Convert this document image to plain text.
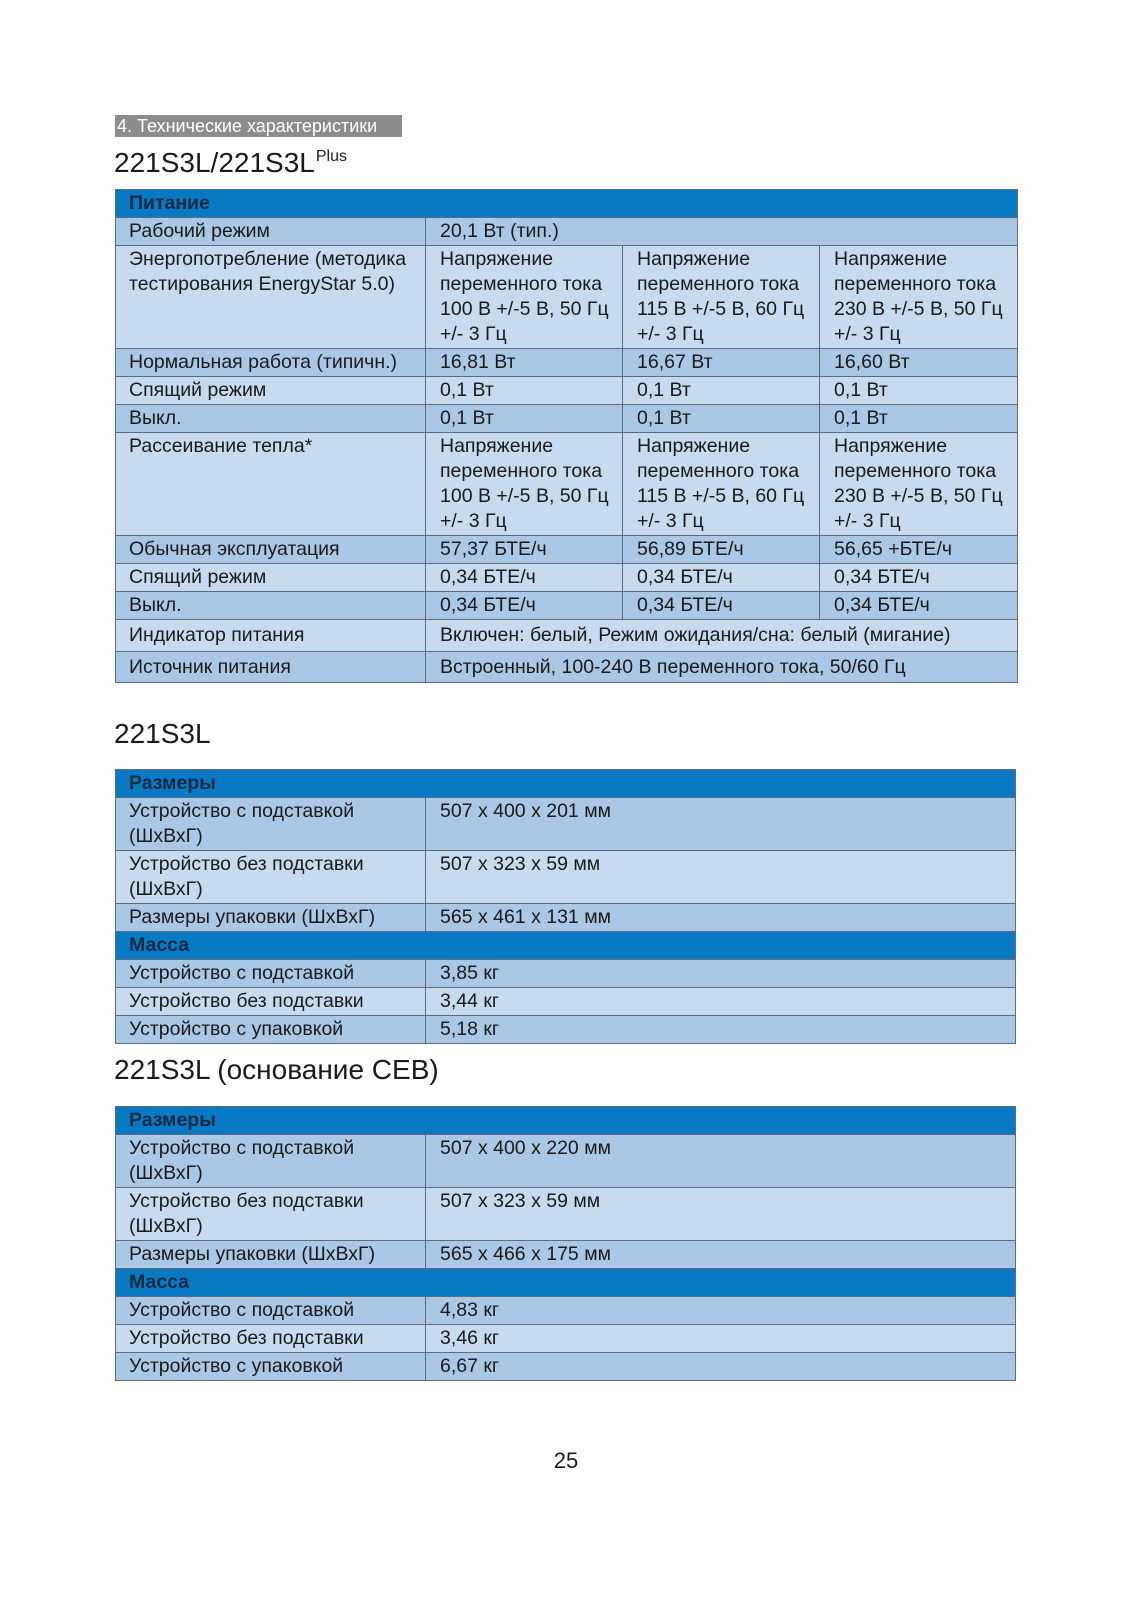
4. Технические характеристики
$221S3L/221S3L^{Plus}$
Питание			
Рабочий режим	20,1 Вт (тип.)		
Энергопотребление (методика тестирования EnergyStar 5.0)	Напряжение переменного тока 100 В +/-5 В, 50 Гц +/- 3 Гц	Напряжение переменного тока 115 В +/-5 В, 60 Гц +/- 3 Гц	Напряжение переменного тока 230 В +/-5 В, 50 Гц +/- 3 Гц
Нормальная работа (типичн.)	16,81 Вт	16,67 Вт	16,60 Вт
Спящий режим	0,1 Вт	0,1 Вт	0,1 Вт
Выкл.	0,1 Вт	0,1 Вт	0,1 Вт
Рассеивание тепла*	Напряжение переменного тока 100 В +/-5 В, 50 Гц +/- 3 Гц	Напряжение переменного тока 115 В +/-5 В, 60 Гц +/- 3 Гц	Напряжение переменного тока 230 В +/-5 В, 50 Гц +/- 3 Гц
Обычная эксплуатация	57,37 БТЕ/ч	56,89 БТЕ/ч	56,65 +БТЕ/ч
Спящий режим	0,34 БТЕ/ч	0,34 БТЕ/ч	0,34 БТЕ/ч
Выкл.	0,34 БТЕ/ч	0,34 БТЕ/ч	0,34 БТЕ/ч
Индикатор питания	Включен: белый, Режим ожидания/сна: белый (мигание)		
Источник питания	Встроенный, 100-240 В переменного тока, 50/60 Гц		
221S3L
Размеры	
Устройство с подставкой (ШхВхГ)	507 x 400 x 201 мм
Устройство без подставки (ШхВхГ)	507 x 323 x 59 мм
Размеры упаковки (ШхВхГ)	565 x 461 x 131 мм
Масса	
Устройство с подставкой	3,85 кг
Устройство без подставки	3,44 кг
Устройство с упаковкой	5,18 кг
221S3L (основание CEB)
Размеры	
Устройство с подставкой (ШхВхГ)	507 x 400 x 220 мм
Устройство без подставки (ШхВхГ)	507 x 323 x 59 мм
Размеры упаковки (ШхВхГ)	565 x 466 x 175 мм
Масса	
Устройство с подставкой	4,83 кг
Устройство без подставки	3,46 кг
Устройство с упаковкой	6,67 кг
25
